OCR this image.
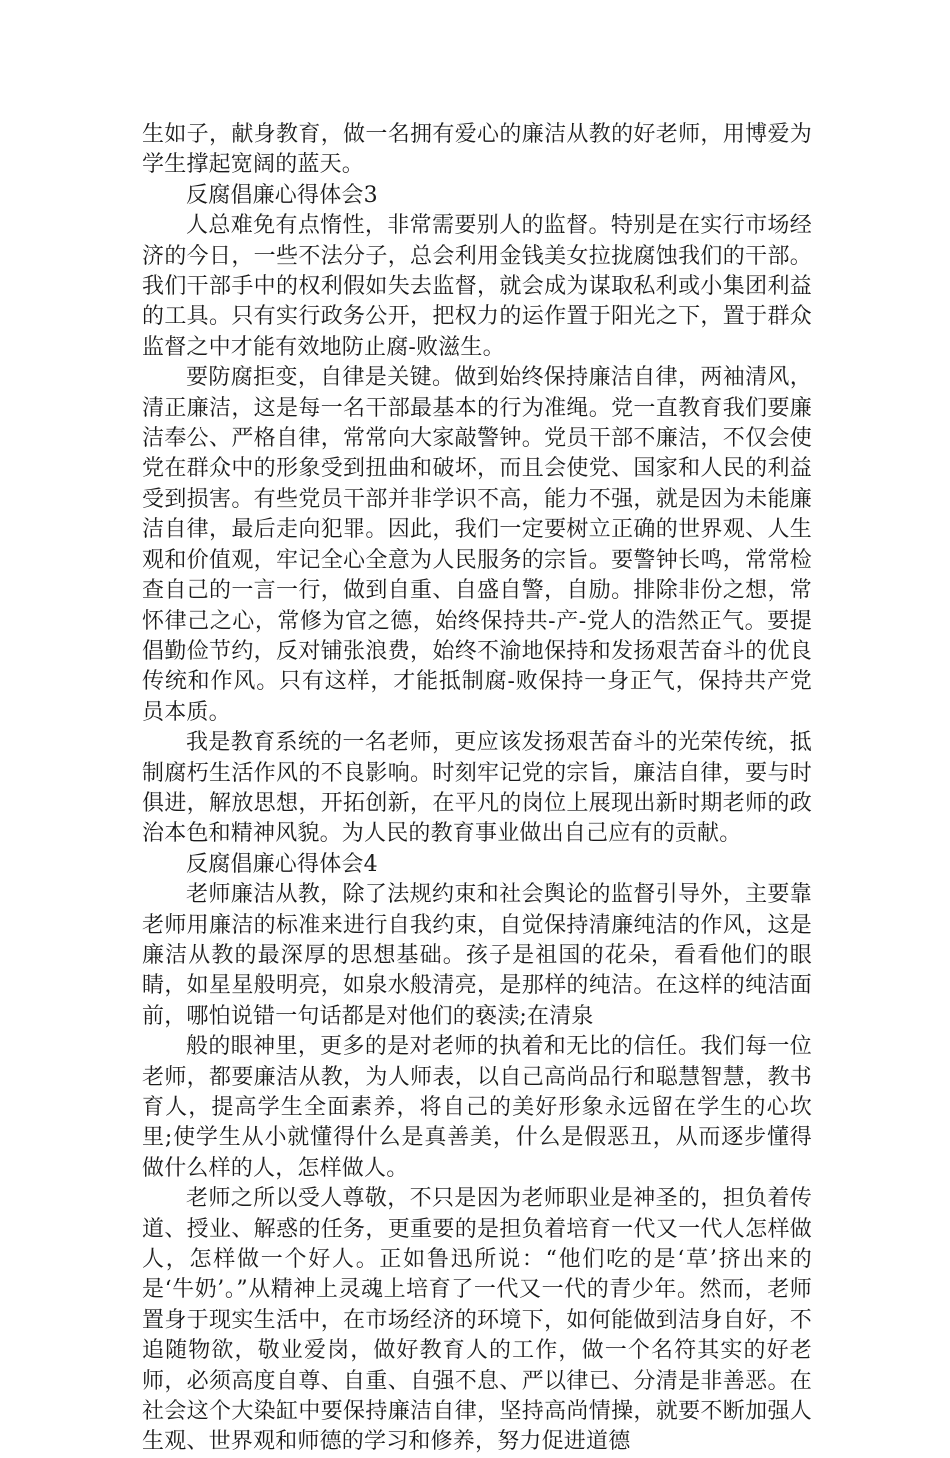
生如子，献身教育，做一名拥有爱心的廉洁从教的好老师，用博爱为学生撑起宽阔的蓝天。

反腐倡廉心得体会3

人总难免有点惰性，非常需要别人的监督。特别是在实行市场经济的今日，一些不法分子，总会利用金钱美女拉拢腐蚀我们的干部。我们干部手中的权利假如失去监督，就会成为谋取私利或小集团利益的工具。只有实行政务公开，把权力的运作置于阳光之下，置于群众监督之中才能有效地防止腐-败滋生。

要防腐拒变，自律是关键。做到始终保持廉洁自律，两袖清风，清正廉洁，这是每一名干部最基本的行为准绳。党一直教育我们要廉洁奉公、严格自律，常常向大家敲警钟。党员干部不廉洁，不仅会使党在群众中的形象受到扭曲和破坏，而且会使党、国家和人民的利益受到损害。有些党员干部并非学识不高，能力不强，就是因为未能廉洁自律，最后走向犯罪。因此，我们一定要树立正确的世界观、人生观和价值观，牢记全心全意为人民服务的宗旨。要警钟长鸣，常常检查自己的一言一行，做到自重、自盛自警，自励。排除非份之想，常怀律己之心，常修为官之德，始终保持共-产-党人的浩然正气。要提倡勤俭节约，反对铺张浪费，始终不渝地保持和发扬艰苦奋斗的优良传统和作风。只有这样，才能抵制腐-败保持一身正气，保持共产党员本质。

我是教育系统的一名老师，更应该发扬艰苦奋斗的光荣传统，抵制腐朽生活作风的不良影响。时刻牢记党的宗旨，廉洁自律，要与时俱进，解放思想，开拓创新，在平凡的岗位上展现出新时期老师的政治本色和精神风貌。为人民的教育事业做出自己应有的贡献。

反腐倡廉心得体会4

老师廉洁从教，除了法规约束和社会舆论的监督引导外，主要靠老师用廉洁的标准来进行自我约束，自觉保持清廉纯洁的作风，这是廉洁从教的最深厚的思想基础。孩子是祖国的花朵，看看他们的眼睛，如星星般明亮，如泉水般清亮，是那样的纯洁。在这样的纯洁面前，哪怕说错一句话都是对他们的亵渎;在清泉

般的眼神里，更多的是对老师的执着和无比的信任。我们每一位老师，都要廉洁从教，为人师表，以自己高尚品行和聪慧智慧，教书育人，提高学生全面素养，将自己的美好形象永远留在学生的心坎里;使学生从小就懂得什么是真善美，什么是假恶丑，从而逐步懂得做什么样的人，怎样做人。

老师之所以受人尊敬，不只是因为老师职业是神圣的，担负着传道、授业、解惑的任务，更重要的是担负着培育一代又一代人怎样做人，怎样做一个好人。正如鲁迅所说：“他们吃的是‘草’挤出来的是‘牛奶’。”从精神上灵魂上培育了一代又一代的青少年。然而，老师置身于现实生活中，在市场经济的环境下，如何能做到洁身自好，不追随物欲，敬业爱岗，做好教育人的工作，做一个名符其实的好老师，必须高度自尊、自重、自强不息、严以律已、分清是非善恶。在社会这个大染缸中要保持廉洁自律，坚持高尚情操，就要不断加强人生观、世界观和师德的学习和修养，努力促进道德
